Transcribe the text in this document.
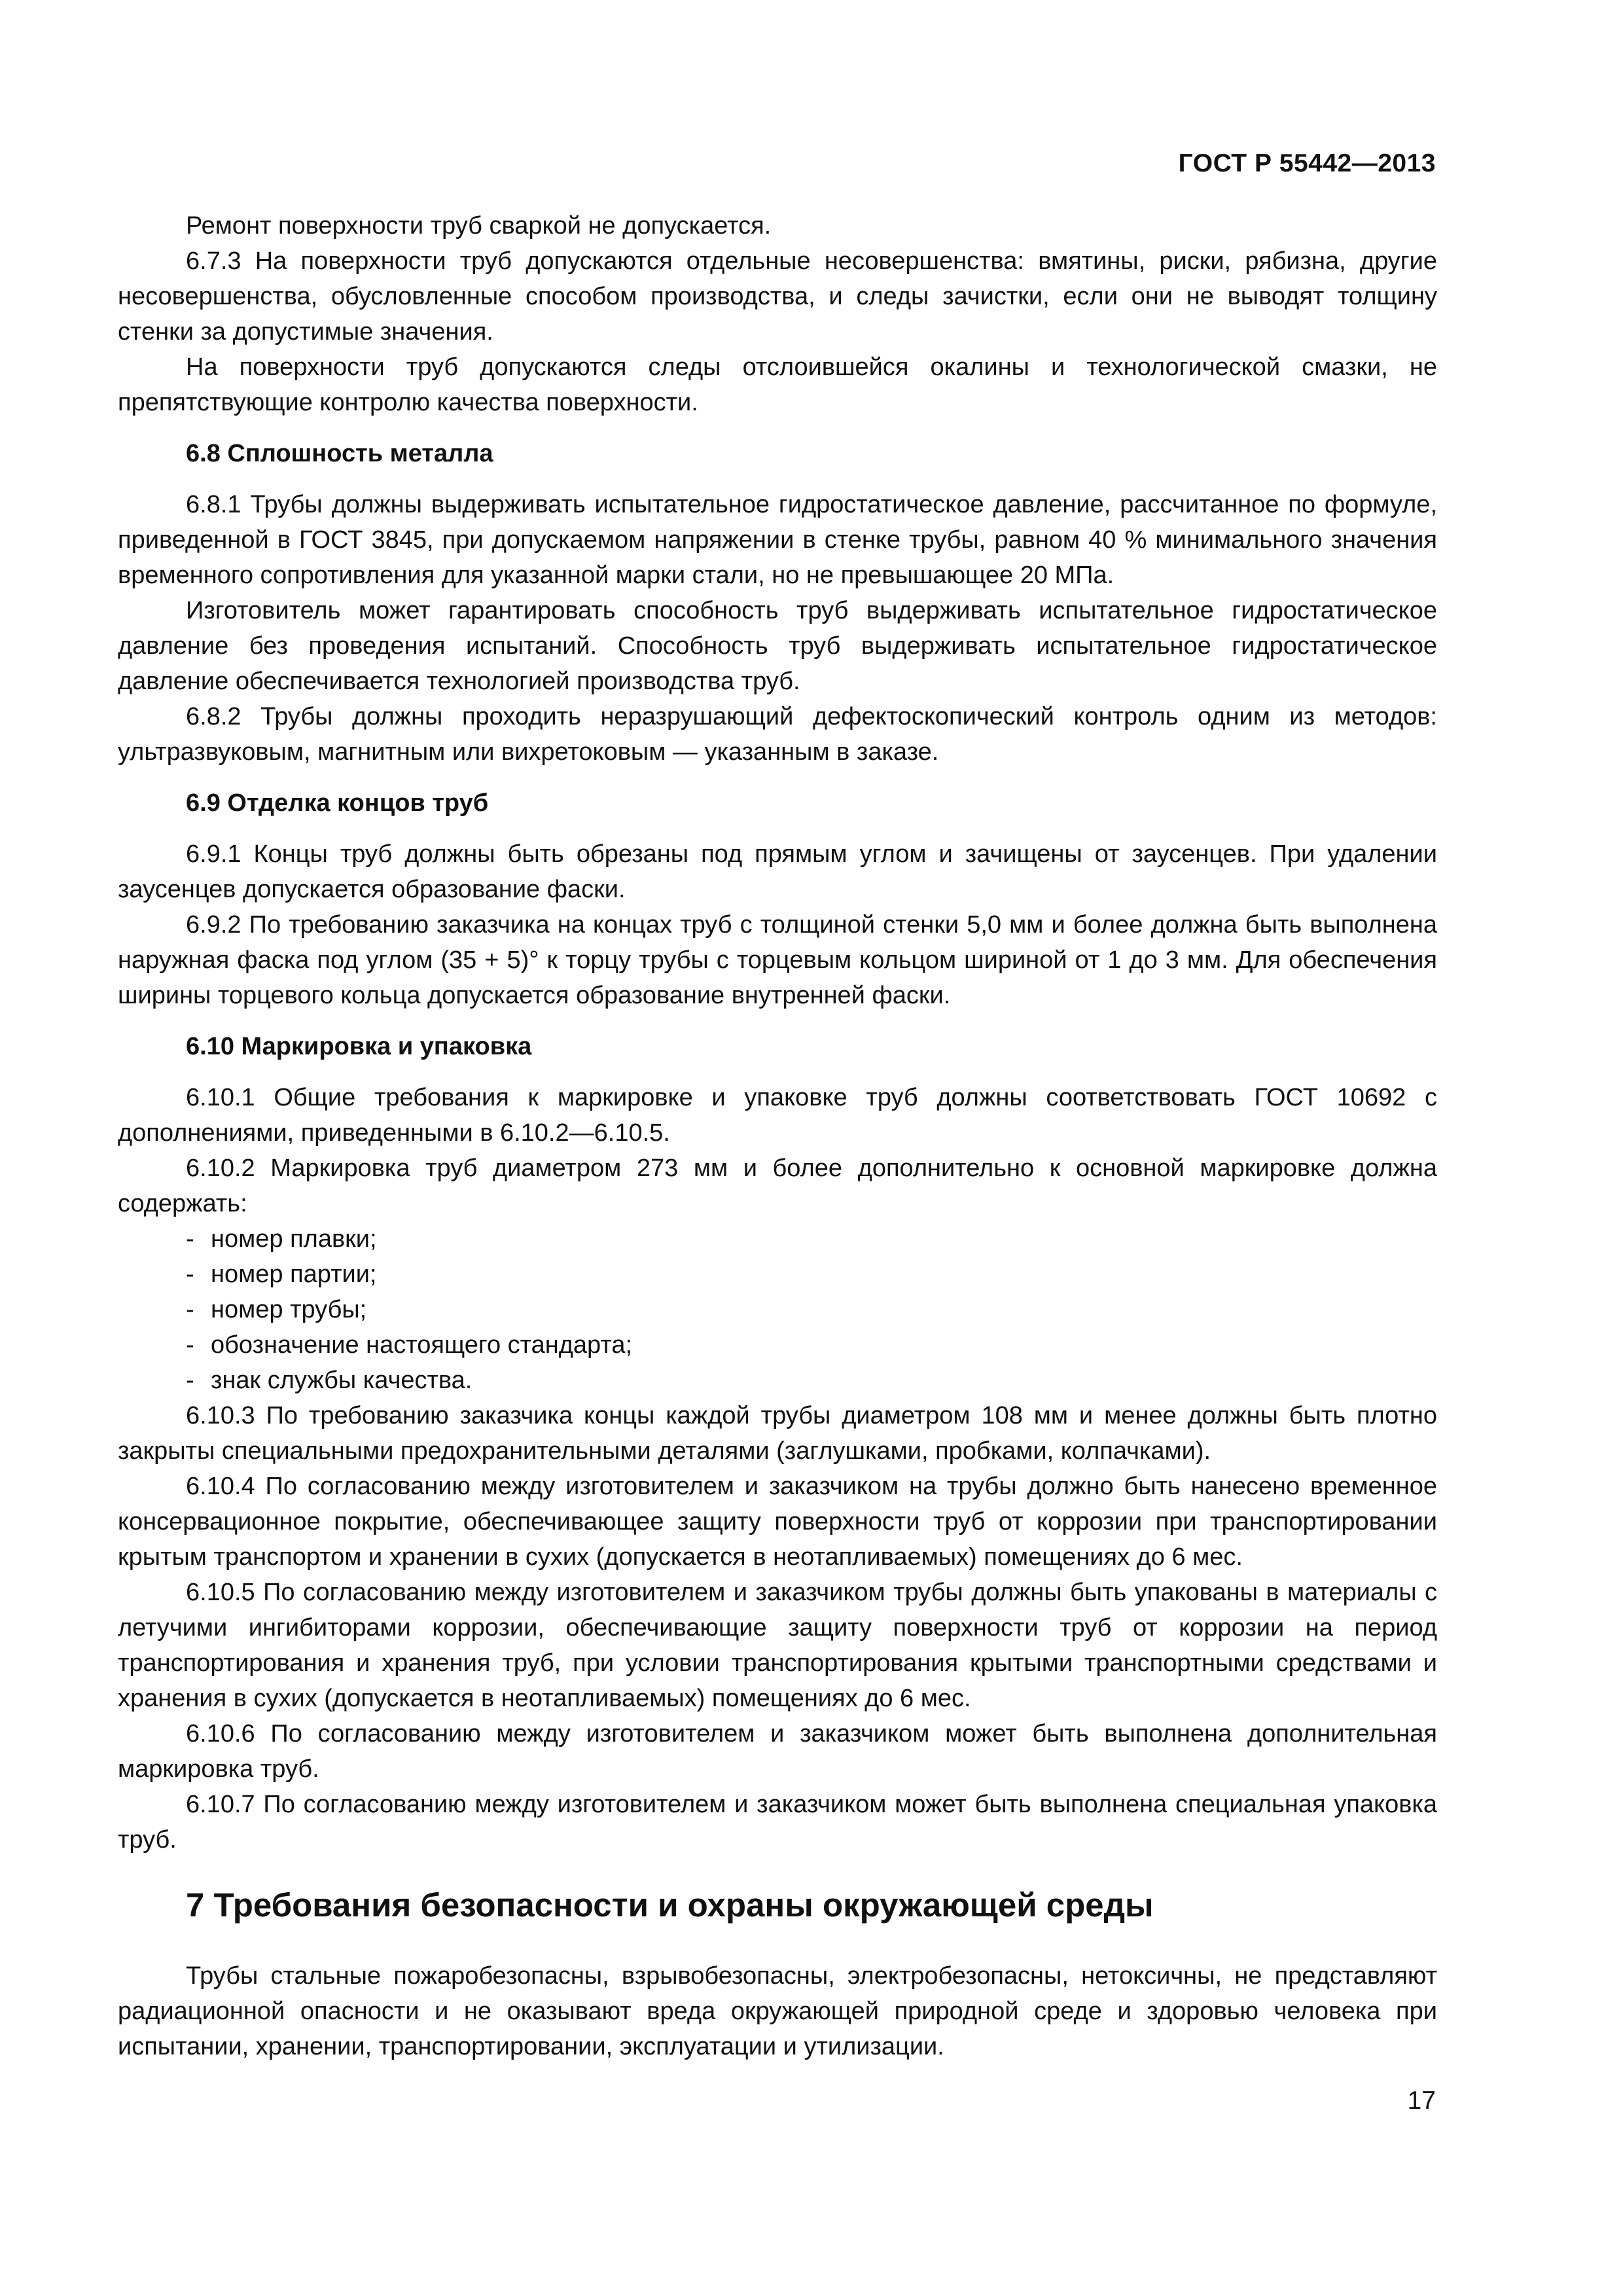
ГОСТ Р 55442—2013

Ремонт поверхности труб сваркой не допускается.

6.7.3 На поверхности труб допускаются отдельные несовершенства: вмятины, риски, рябизна, другие несовершенства, обусловленные способом производства, и следы зачистки, если они не выводят толщину стенки за допустимые значения.

На поверхности труб допускаются следы отслоившейся окалины и технологической смазки, не препятствующие контролю качества поверхности.

6.8 Сплошность металла

6.8.1 Трубы должны выдерживать испытательное гидростатическое давление, рассчитанное по формуле, приведенной в ГОСТ 3845, при допускаемом напряжении в стенке трубы, равном 40 % минимального значения временного сопротивления для указанной марки стали, но не превышающее 20 МПа.

Изготовитель может гарантировать способность труб выдерживать испытательное гидростатическое давление без проведения испытаний. Способность труб выдерживать испытательное гидростатическое давление обеспечивается технологией производства труб.

6.8.2 Трубы должны проходить неразрушающий дефектоскопический контроль одним из методов: ультразвуковым, магнитным или вихретоковым — указанным в заказе.

6.9 Отделка концов труб

6.9.1 Концы труб должны быть обрезаны под прямым углом и зачищены от заусенцев. При удалении заусенцев допускается образование фаски.

6.9.2 По требованию заказчика на концах труб с толщиной стенки 5,0 мм и более должна быть выполнена наружная фаска под углом (35 + 5)° к торцу трубы с торцевым кольцом шириной от 1 до 3 мм. Для обеспечения ширины торцевого кольца допускается образование внутренней фаски.

6.10 Маркировка и упаковка

6.10.1 Общие требования к маркировке и упаковке труб должны соответствовать ГОСТ 10692 с дополнениями, приведенными в 6.10.2—6.10.5.

6.10.2 Маркировка труб диаметром 273 мм и более дополнительно к основной маркировке должна содержать:

- номер плавки;
- номер партии;
- номер трубы;
- обозначение настоящего стандарта;
- знак службы качества.

6.10.3 По требованию заказчика концы каждой трубы диаметром 108 мм и менее должны быть плотно закрыты специальными предохранительными деталями (заглушками, пробками, колпачками).

6.10.4 По согласованию между изготовителем и заказчиком на трубы должно быть нанесено временное консервационное покрытие, обеспечивающее защиту поверхности труб от коррозии при транспортировании крытым транспортом и хранении в сухих (допускается в неотапливаемых) помещениях до 6 мес.

6.10.5 По согласованию между изготовителем и заказчиком трубы должны быть упакованы в материалы с летучими ингибиторами коррозии, обеспечивающие защиту поверхности труб от коррозии на период транспортирования и хранения труб, при условии транспортирования крытыми транспортными средствами и хранения в сухих (допускается в неотапливаемых) помещениях до 6 мес.

6.10.6 По согласованию между изготовителем и заказчиком может быть выполнена дополнительная маркировка труб.

6.10.7 По согласованию между изготовителем и заказчиком может быть выполнена специальная упаковка труб.

7 Требования безопасности и охраны окружающей среды

Трубы стальные пожаробезопасны, взрывобезопасны, электробезопасны, нетоксичны, не представляют радиационной опасности и не оказывают вреда окружающей природной среде и здоровью человека при испытании, хранении, транспортировании, эксплуатации и утилизации.

17
